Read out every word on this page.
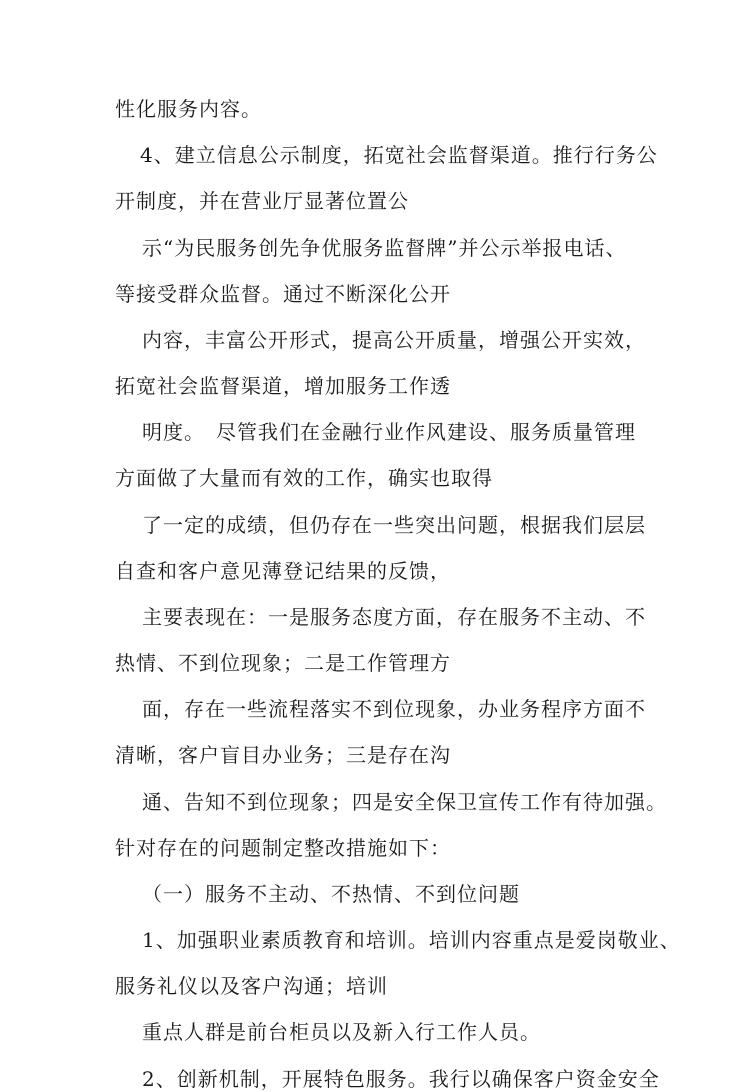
性化服务内容。

4、建立信息公示制度，拓宽社会监督渠道。推行行务公

开制度，并在营业厅显著位置公

示“为民服务创先争优服务监督牌”并公示举报电话、

等接受群众监督。通过不断深化公开

内容，丰富公开形式，提高公开质量，增强公开实效，

拓宽社会监督渠道，增加服务工作透

明度。　尽管我们在金融行业作风建设、服务质量管理

方面做了大量而有效的工作，确实也取得

了一定的成绩，但仍存在一些突出问题，根据我们层层

自查和客户意见薄登记结果的反馈，

主要表现在：一是服务态度方面，存在服务不主动、不

热情、不到位现象；二是工作管理方

面，存在一些流程落实不到位现象，办业务程序方面不

清晰，客户盲目办业务；三是存在沟

通、告知不到位现象；四是安全保卫宣传工作有待加强。

针对存在的问题制定整改措施如下：

（一）服务不主动、不热情、不到位问题

1、加强职业素质教育和培训。培训内容重点是爱岗敬业、

服务礼仪以及客户沟通；培训

重点人群是前台柜员以及新入行工作人员。

2、创新机制，开展特色服务。我行以确保客户资金安全
